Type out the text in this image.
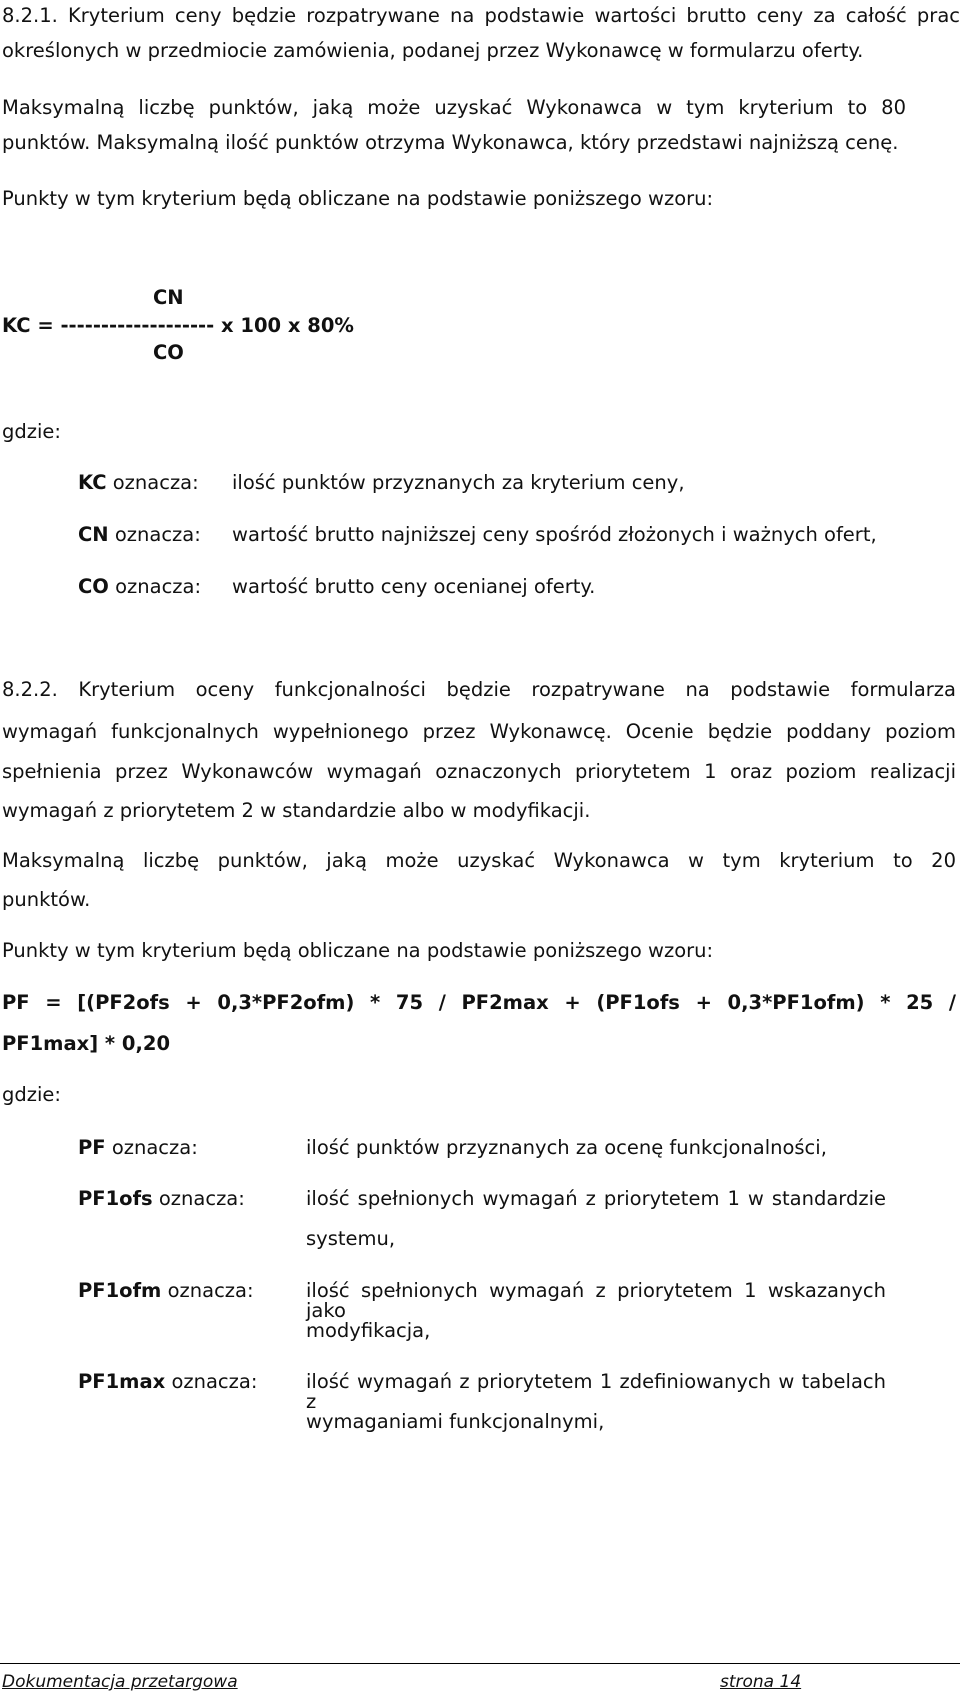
8.2.1. Kryterium ceny będzie rozpatrywane na podstawie wartości brutto ceny za całość prac
określonych w przedmiocie zamówienia, podanej przez Wykonawcę w formularzu oferty.
Maksymalną liczbę punktów, jaką może uzyskać Wykonawca w tym kryterium to 80
punktów. Maksymalną ilość punktów otrzyma Wykonawca, który przedstawi najniższą cenę.
Punkty w tym kryterium będą obliczane na podstawie poniższego wzoru:
CN
KC = ------------------- x 100 x 80%
CO
gdzie:
KC oznacza: ilość punktów przyznanych za kryterium ceny,
CN oznacza: wartość brutto najniższej ceny spośród złożonych i ważnych ofert,
CO oznacza: wartość brutto ceny ocenianej oferty.
8.2.2. Kryterium oceny funkcjonalności będzie rozpatrywane na podstawie formularza
wymagań funkcjonalnych wypełnionego przez Wykonawcę. Ocenie będzie poddany poziom
spełnienia przez Wykonawców wymagań oznaczonych priorytetem 1 oraz poziom realizacji
wymagań z priorytetem 2 w standardzie albo w modyfikacji.
Maksymalną liczbę punktów, jaką może uzyskać Wykonawca w tym kryterium to 20
punktów.
Punkty w tym kryterium będą obliczane na podstawie poniższego wzoru:
PF = [(PF2ofs + 0,3*PF2ofm) * 75 / PF2max + (PF1ofs + 0,3*PF1ofm) * 25 /
PF1max] * 0,20
gdzie:
PF oznacza:	ilość punktów przyznanych za ocenę funkcjonalności,
PF1ofs oznacza:	ilość spełnionych wymagań z priorytetem 1 w standardzie
systemu,
PF1ofm oznacza:	ilość spełnionych wymagań z priorytetem 1 wskazanych jako
modyfikacja,
PF1max oznacza: ilość wymagań z priorytetem 1 zdefiniowanych w tabelach z
wymaganiami funkcjonalnymi,
Dokumentacja przetargowa	strona 14
